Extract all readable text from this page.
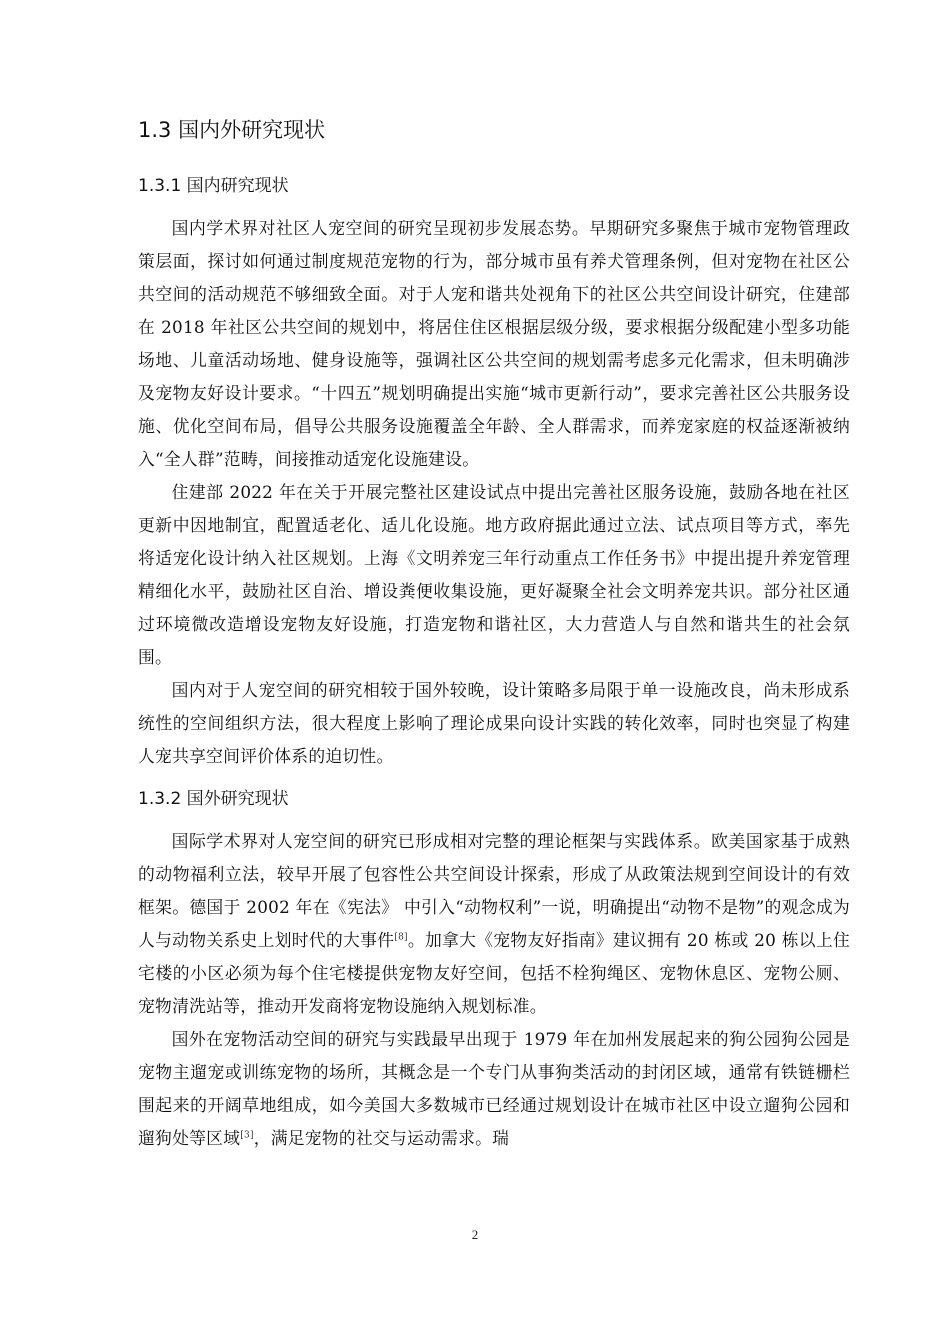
1.3 国内外研究现状
1.3.1 国内研究现状

国内学术界对社区人宠空间的研究呈现初步发展态势。早期研究多聚焦于城市宠物管理政策层面，探讨如何通过制度规范宠物的行为，部分城市虽有养犬管理条例，但对宠物在社区公共空间的活动规范不够细致全面。对于人宠和谐共处视角下的社区公共空间设计研究，住建部在 2018 年社区公共空间的规划中，将居住住区根据层级分级，要求根据分级配建小型多功能场地、儿童活动场地、健身设施等，强调社区公共空间的规划需考虑多元化需求，但未明确涉及宠物友好设计要求。“十四五”规划明确提出实施“城市更新行动”，要求完善社区公共服务设施、优化空间布局，倡导公共服务设施覆盖全年龄、全人群需求，而养宠家庭的权益逐渐被纳入“全人群”范畴，间接推动适宠化设施建设。

住建部 2022 年在关于开展完整社区建设试点中提出完善社区服务设施，鼓励各地在社区更新中因地制宜，配置适老化、适儿化设施。地方政府据此通过立法、试点项目等方式，率先将适宠化设计纳入社区规划。上海《文明养宠三年行动重点工作任务书》中提出提升养宠管理精细化水平，鼓励社区自治、增设粪便收集设施，更好凝聚全社会文明养宠共识。部分社区通过环境微改造增设宠物友好设施，打造宠物和谐社区，大力营造人与自然和谐共生的社会氛围。

国内对于人宠空间的研究相较于国外较晚，设计策略多局限于单一设施改良，尚未形成系统性的空间组织方法，很大程度上影响了理论成果向设计实践的转化效率，同时也突显了构建人宠共享空间评价体系的迫切性。

1.3.2 国外研究现状

国际学术界对人宠空间的研究已形成相对完整的理论框架与实践体系。欧美国家基于成熟的动物福利立法，较早开展了包容性公共空间设计探索，形成了从政策法规到空间设计的有效框架。德国于 2002 年在《宪法》 中引入“动物权利”一说，明确提出“动物不是物”的观念成为人与动物关系史上划时代的大事件[8]。加拿大《宠物友好指南》建议拥有 20 栋或 20 栋以上住宅楼的小区必须为每个住宅楼提供宠物友好空间，包括不栓狗绳区、宠物休息区、宠物公厕、宠物清洗站等，推动开发商将宠物设施纳入规划标准。

国外在宠物活动空间的研究与实践最早出现于 1979 年在加州发展起来的狗公园狗公园是宠物主遛宠或训练宠物的场所，其概念是一个专门从事狗类活动的封闭区域，通常有铁链栅栏围起来的开阔草地组成，如今美国大多数城市已经通过规划设计在城市社区中设立遛狗公园和遛狗处等区域[3]，满足宠物的社交与运动需求。瑞

2
